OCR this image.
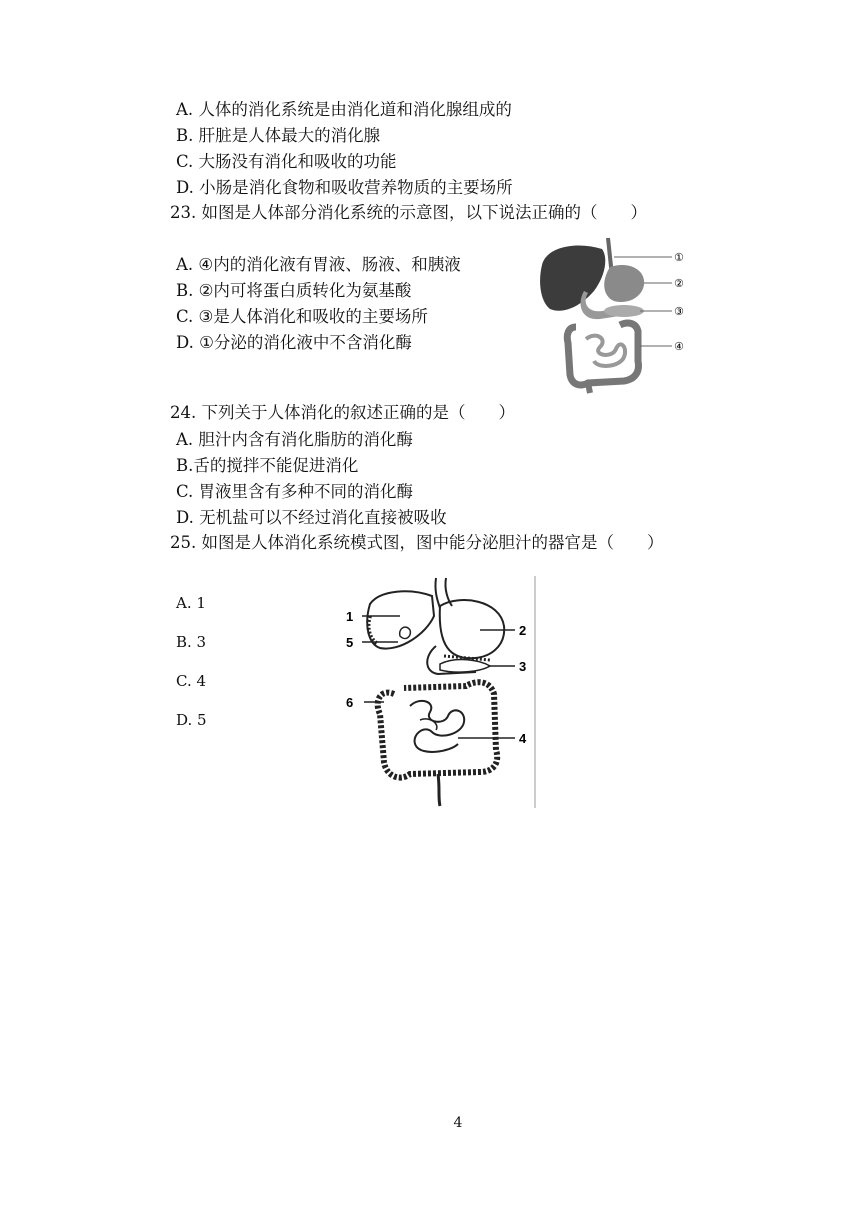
A. 人体的消化系统是由消化道和消化腺组成的
B. 肝脏是人体最大的消化腺
C. 大肠没有消化和吸收的功能
D. 小肠是消化食物和吸收营养物质的主要场所
23. 如图是人体部分消化系统的示意图，以下说法正确的（　　）
A. ④内的消化液有胃液、肠液、和胰液
B. ②内可将蛋白质转化为氨基酸
C. ③是人体消化和吸收的主要场所
D. ①分泌的消化液中不含消化酶
①
②
③
④
24. 下列关于人体消化的叙述正确的是（　　）
A. 胆汁内含有消化脂肪的消化酶
B.舌的搅拌不能促进消化
C. 胃液里含有多种不同的消化酶
D. 无机盐可以不经过消化直接被吸收
25. 如图是人体消化系统模式图，图中能分泌胆汁的器官是（　　）
A. 1
B. 3
C. 4
D. 5
1
5
2
3
6
4
4
